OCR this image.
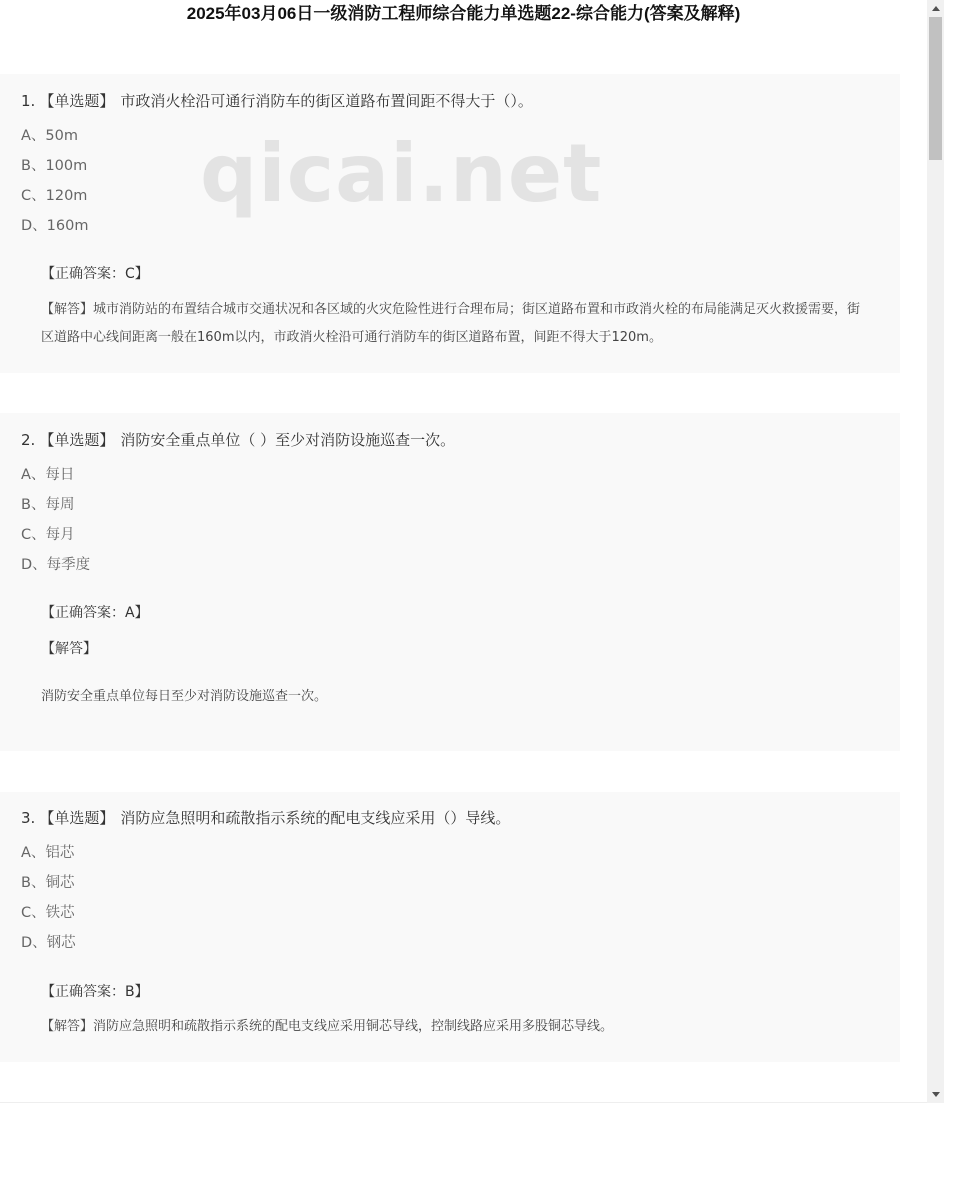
2025年03月06日一级消防工程师综合能力单选题22-综合能力(答案及解释)
1. 【单选题】 市政消火栓沿可通行消防车的街区道路布置间距不得大于（）。
A、50m
B、100m
C、120m
D、160m
【正确答案：C】
【解答】城市消防站的布置结合城市交通状况和各区域的火灾危险性进行合理布局；街区道路布置和市政消火栓的布局能满足灭火救援需要，街区道路中心线间距离一般在160m以内，市政消火栓沿可通行消防车的街区道路布置，间距不得大于120m。
2. 【单选题】 消防安全重点单位（ ）至少对消防设施巡查一次。
A、每日
B、每周
C、每月
D、每季度
【正确答案：A】
【解答】
消防安全重点单位每日至少对消防设施巡查一次。
3. 【单选题】 消防应急照明和疏散指示系统的配电支线应采用（）导线。
A、铝芯
B、铜芯
C、铁芯
D、钢芯
【正确答案：B】
【解答】消防应急照明和疏散指示系统的配电支线应采用铜芯导线，控制线路应采用多股铜芯导线。
qicai.net
